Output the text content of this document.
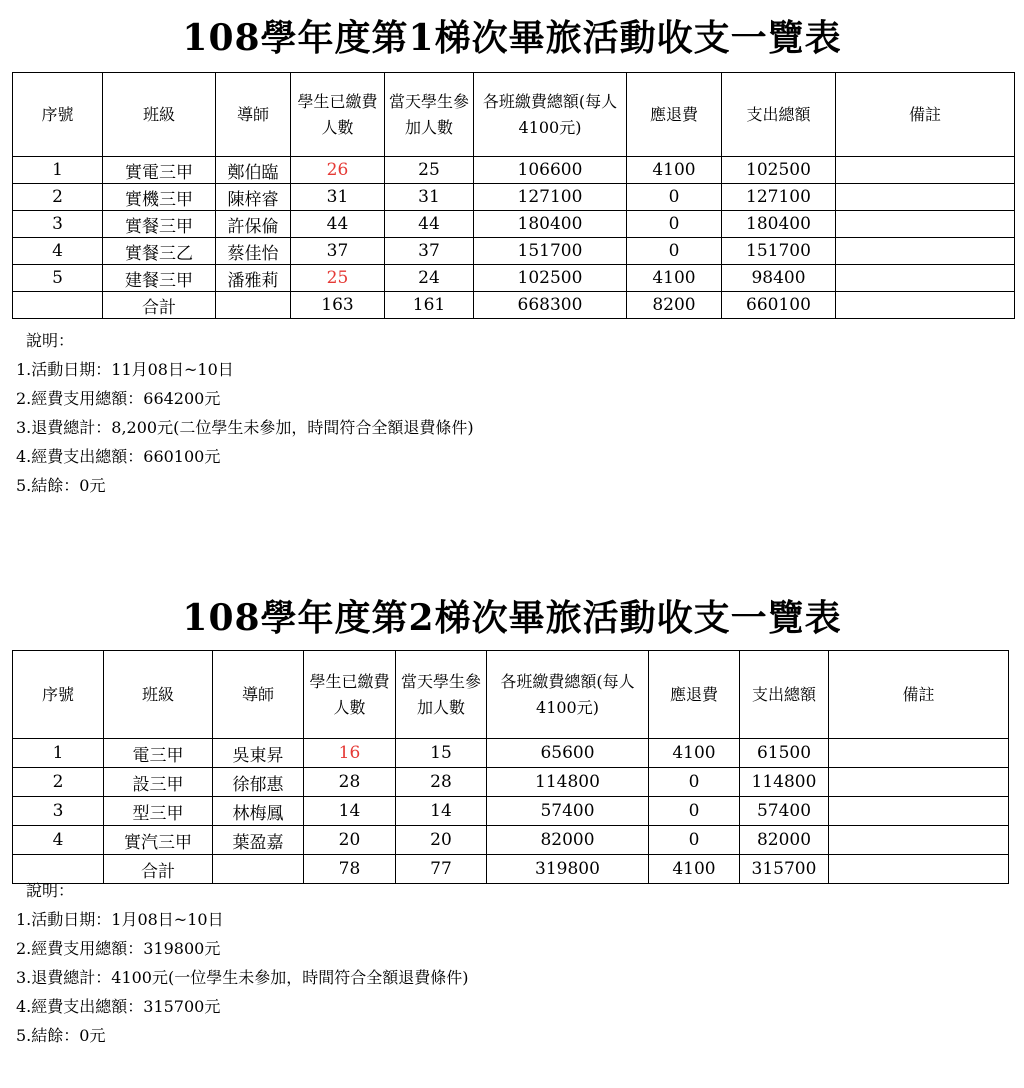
108學年度第1梯次畢旅活動收支一覽表
序號	班級	導師	學生已繳費人數	當天學生參加人數	各班繳費總額(每人4100元)	應退費	支出總額	備註
1	實電三甲	鄭伯臨	26	25	106600	4100	102500	
2	實機三甲	陳梓睿	31	31	127100	0	127100	
3	實餐三甲	許保倫	44	44	180400	0	180400	
4	實餐三乙	蔡佳怡	37	37	151700	0	151700	
5	建餐三甲	潘雅莉	25	24	102500	4100	98400	
	合計		163	161	668300	8200	660100	
說明：
1.活動日期：11月08日~10日
2.經費支用總額：664200元
3.退費總計：8,200元(二位學生未參加，時間符合全額退費條件)
4.經費支出總額：660100元
5.結餘：0元
108學年度第2梯次畢旅活動收支一覽表
序號	班級	導師	學生已繳費人數	當天學生參加人數	各班繳費總額(每人4100元)	應退費	支出總額	備註
1	電三甲	吳東昇	16	15	65600	4100	61500	
2	設三甲	徐郁惠	28	28	114800	0	114800	
3	型三甲	林梅鳳	14	14	57400	0	57400	
4	實汽三甲	葉盈嘉	20	20	82000	0	82000	
	合計		78	77	319800	4100	315700	
說明：
1.活動日期：1月08日~10日
2.經費支用總額：319800元
3.退費總計：4100元(一位學生未參加，時間符合全額退費條件)
4.經費支出總額：315700元
5.結餘：0元
